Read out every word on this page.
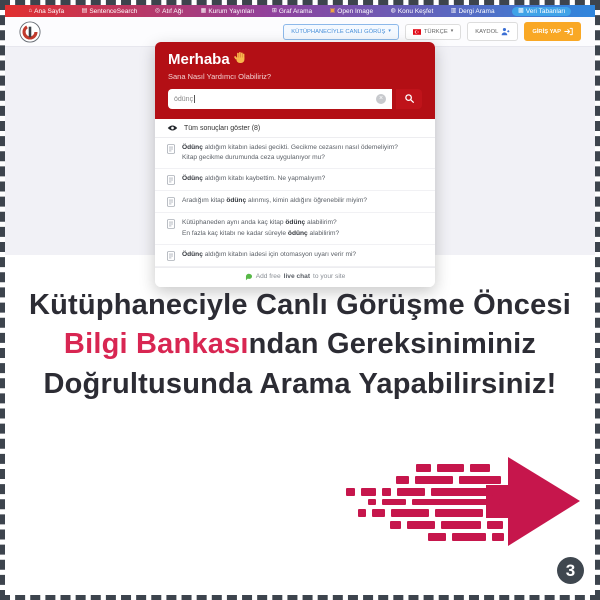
⌂ Ana Sayfa	▤ SentenceSearch	◎ Atıf Ağı	▦ Kurum Yayınları	⊞ Graf Arama	▣ Open Image	◍ Konu Keşfet	▥ Dergi Arama	▩ Veri Tabanları
KÜTÜPHANECİYLE CANLI GÖRÜŞ ▾	TÜRKÇE ▾	KAYDOL	GİRİŞ YAP
Merhaba
Sana Nasıl Yardımcı Olabiliriz?
ödünç	×
Tüm sonuçları göster (8)
Ödünç aldığım kitabın iadesi gecikti. Gecikme cezasını nasıl ödemeliyim?
Kitap gecikme durumunda ceza uygulanıyor mu?
Ödünç aldığım kitabı kaybettim. Ne yapmalıyım?
Aradığım kitap ödünç alınmış, kimin aldığını öğrenebilir miyim?
Kütüphaneden aynı anda kaç kitap ödünç alabilirim?
En fazla kaç kitabı ne kadar süreyle ödünç alabilirim?
Ödünç aldığım kitabın iadesi için otomasyon uyarı verir mi?
Add free live chat to your site
Kütüphaneciyle Canlı Görüşme Öncesi
Bilgi Bankasından Gereksiniminiz
Doğrultusunda Arama Yapabilirsiniz!
3
